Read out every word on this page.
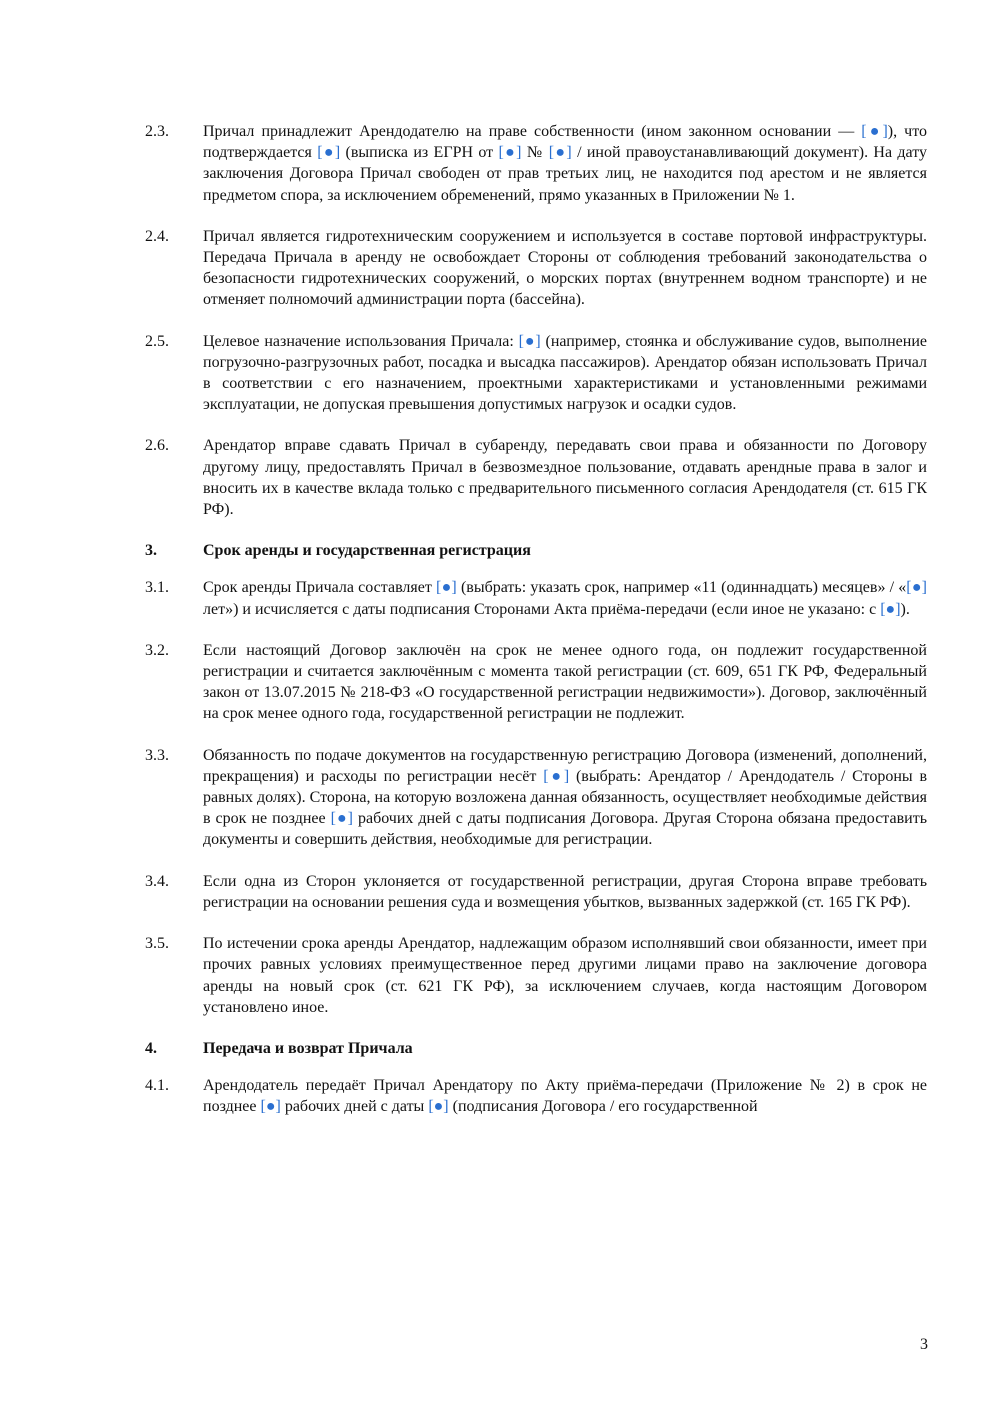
2.3.	Причал принадлежит Арендодателю на праве собственности (ином законном основании — [●]), что подтверждается [●] (выписка из ЕГРН от [●] № [●] / иной правоустанавливающий документ). На дату заключения Договора Причал свободен от прав третьих лиц, не находится под арестом и не является предметом спора, за исключением обременений, прямо указанных в Приложении № 1.
2.4.	Причал является гидротехническим сооружением и используется в составе портовой инфраструктуры. Передача Причала в аренду не освобождает Стороны от соблюдения требований законодательства о безопасности гидротехнических сооружений, о морских портах (внутреннем водном транспорте) и не отменяет полномочий администрации порта (бассейна).
2.5.	Целевое назначение использования Причала: [●] (например, стоянка и обслуживание судов, выполнение погрузочно-разгрузочных работ, посадка и высадка пассажиров). Арендатор обязан использовать Причал в соответствии с его назначением, проектными характеристиками и установленными режимами эксплуатации, не допуская превышения допустимых нагрузок и осадки судов.
2.6.	Арендатор вправе сдавать Причал в субаренду, передавать свои права и обязанности по Договору другому лицу, предоставлять Причал в безвозмездное пользование, отдавать арендные права в залог и вносить их в качестве вклада только с предварительного письменного согласия Арендодателя (ст. 615 ГК РФ).
3.	Срок аренды и государственная регистрация
3.1.	Срок аренды Причала составляет [●] (выбрать: указать срок, например «11 (одиннадцать) месяцев» / «[●] лет») и исчисляется с даты подписания Сторонами Акта приёма-передачи (если иное не указано: с [●]).
3.2.	Если настоящий Договор заключён на срок не менее одного года, он подлежит государственной регистрации и считается заключённым с момента такой регистрации (ст. 609, 651 ГК РФ, Федеральный закон от 13.07.2015 № 218-ФЗ «О государственной регистрации недвижимости»). Договор, заключённый на срок менее одного года, государственной регистрации не подлежит.
3.3.	Обязанность по подаче документов на государственную регистрацию Договора (изменений, дополнений, прекращения) и расходы по регистрации несёт [●] (выбрать: Арендатор / Арендодатель / Стороны в равных долях). Сторона, на которую возложена данная обязанность, осуществляет необходимые действия в срок не позднее [●] рабочих дней с даты подписания Договора. Другая Сторона обязана предоставить документы и совершить действия, необходимые для регистрации.
3.4.	Если одна из Сторон уклоняется от государственной регистрации, другая Сторона вправе требовать регистрации на основании решения суда и возмещения убытков, вызванных задержкой (ст. 165 ГК РФ).
3.5.	По истечении срока аренды Арендатор, надлежащим образом исполнявший свои обязанности, имеет при прочих равных условиях преимущественное перед другими лицами право на заключение договора аренды на новый срок (ст. 621 ГК РФ), за исключением случаев, когда настоящим Договором установлено иное.
4.	Передача и возврат Причала
4.1.	Арендодатель передаёт Причал Арендатору по Акту приёма-передачи (Приложение № 2) в срок не позднее [●] рабочих дней с даты [●] (подписания Договора / его государственной
3
